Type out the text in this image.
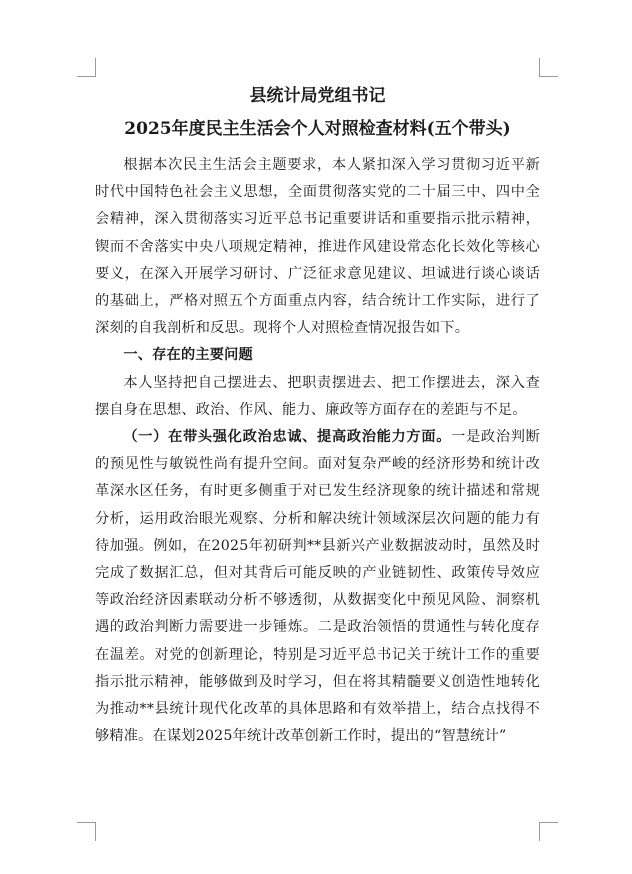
县统计局党组书记

2025年度民主生活会个人对照检查材料(五个带头)

根据本次民主生活会主题要求，本人紧扣深入学习贯彻习近平新时代中国特色社会主义思想，全面贯彻落实党的二十届三中、四中全会精神，深入贯彻落实习近平总书记重要讲话和重要指示批示精神，锲而不舍落实中央八项规定精神，推进作风建设常态化长效化等核心要义，在深入开展学习研讨、广泛征求意见建议、坦诚进行谈心谈话的基础上，严格对照五个方面重点内容，结合统计工作实际，进行了深刻的自我剖析和反思。现将个人对照检查情况报告如下。

一、存在的主要问题

本人坚持把自己摆进去、把职责摆进去、把工作摆进去，深入查摆自身在思想、政治、作风、能力、廉政等方面存在的差距与不足。

（一）在带头强化政治忠诚、提高政治能力方面。一是政治判断的预见性与敏锐性尚有提升空间。面对复杂严峻的经济形势和统计改革深水区任务，有时更多侧重于对已发生经济现象的统计描述和常规分析，运用政治眼光观察、分析和解决统计领域深层次问题的能力有待加强。例如，在2025年初研判**县新兴产业数据波动时，虽然及时完成了数据汇总，但对其背后可能反映的产业链韧性、政策传导效应等政治经济因素联动分析不够透彻，从数据变化中预见风险、洞察机遇的政治判断力需要进一步锤炼。二是政治领悟的贯通性与转化度存在温差。对党的创新理论，特别是习近平总书记关于统计工作的重要指示批示精神，能够做到及时学习，但在将其精髓要义创造性地转化为推动**县统计现代化改革的具体思路和有效举措上，结合点找得不够精准。在谋划2025年统计改革创新工作时，提出的“智慧统计”
